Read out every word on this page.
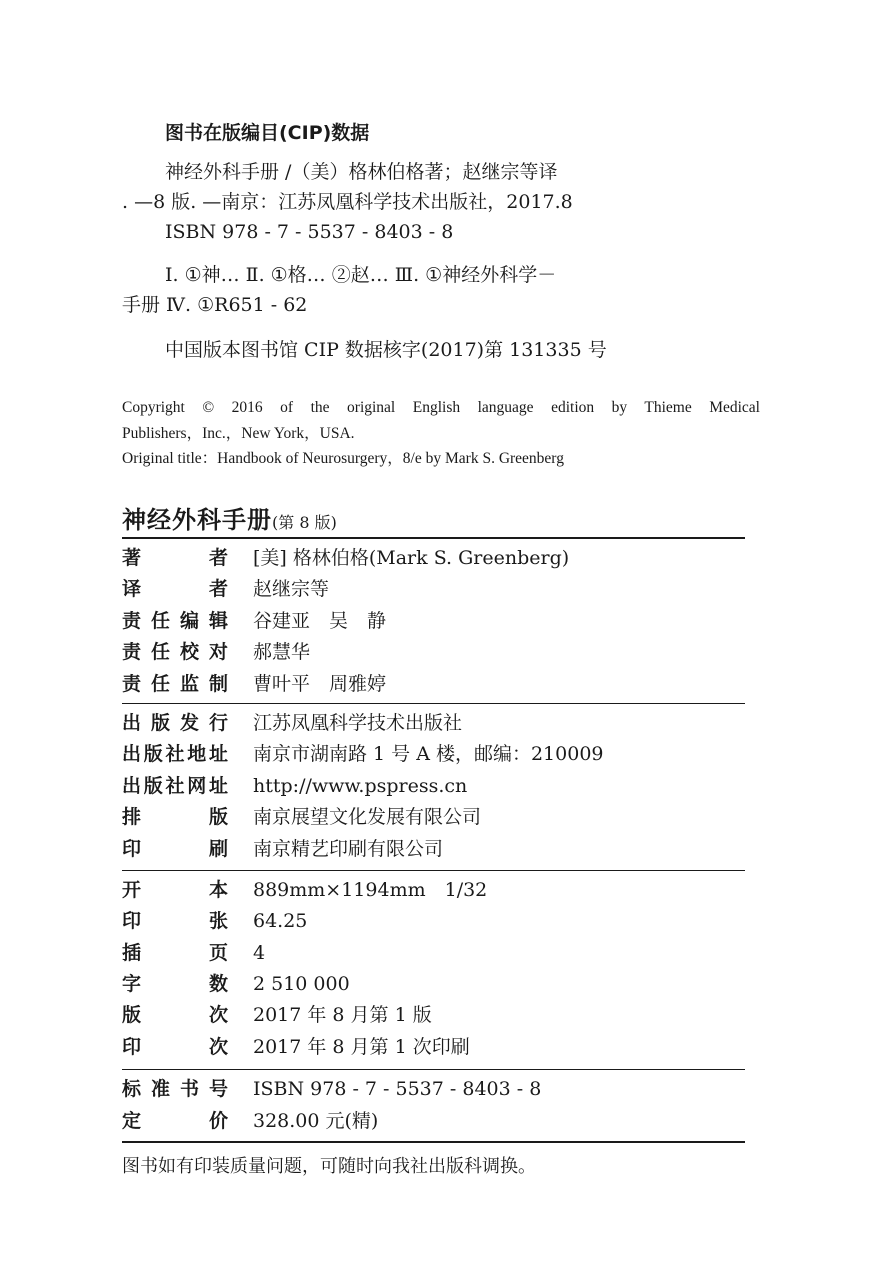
图书在版编目(CIP)数据
神经外科手册 /（美）格林伯格著；赵继宗等译
. —8 版. —南京：江苏凤凰科学技术出版社，2017.8
ISBN 978 - 7 - 5537 - 8403 - 8
Ⅰ. ①神… Ⅱ. ①格… ②赵… Ⅲ. ①神经外科学－
手册 Ⅳ. ①R651 - 62
中国版本图书馆 CIP 数据核字(2017)第 131335 号
Copyright © 2016 of the original English language edition by Thieme Medical
Publishers，Inc.，New York，USA.
Original title：Handbook of Neurosurgery，8/e by Mark S. Greenberg
神经外科手册(第 8 版)
著者 [美] 格林伯格(Mark S. Greenberg)
译者 赵继宗等
责任编辑 谷建亚　吴　静
责任校对 郝慧华
责任监制 曹叶平　周雅婷
出版发行 江苏凤凰科学技术出版社
出版社地址 南京市湖南路 1 号 A 楼，邮编：210009
出版社网址 http://www.pspress.cn
排版 南京展望文化发展有限公司
印刷 南京精艺印刷有限公司
开本 889mm×1194mm　1/32
印张 64.25
插页 4
字数 2 510 000
版次 2017 年 8 月第 1 版
印次 2017 年 8 月第 1 次印刷
标准书号 ISBN 978 - 7 - 5537 - 8403 - 8
定价 328.00 元(精)
图书如有印装质量问题，可随时向我社出版科调换。
